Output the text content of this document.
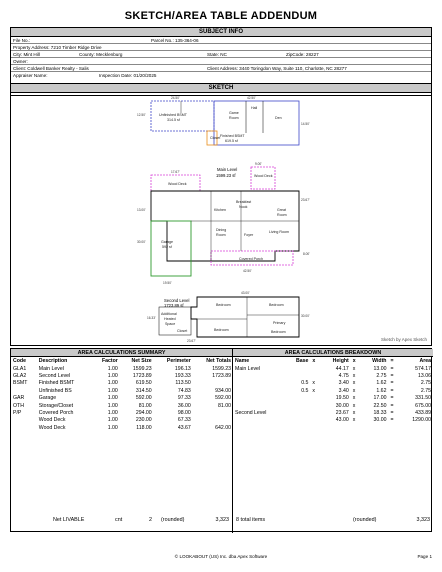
SKETCH/AREA TABLE ADDENDUM
SUBJECT INFO
File No.:	Parcel No.: 135-364-06
Property Address: 7210 Timber Ridge Drive
City: Mint Hill	County: Mecklenburg	State: NC	ZipCode: 28227
Owner:
Client: Coldwell Banker Realty - Salis	Client Address: 3440 Toringdon Way, Suite 110, Charlotte, NC 28277
Appraiser Name:	Inspection Date: 01/20/2025
SKETCH
Unfinished BSMT
314.5 sf
Game
Room
Hall
Den
Finished BSMT
619.5 sf
Closet
24.50'	42.50'
12.50'
14.50'
Wood Deck
Wood Deck
Main Level
1599.23 sf
Kitchen
Breakfast
Nook
Great
Room
Dining
Room	Foyer
Living Room
Garage
592 sf
Covered Porch
17.67'
9.00'
13.00'
23.67'
30.00'
19.50'
8.00'
42.50'
Second Level
1723.89 sf	Bedroom	Bedroom
Bedroom	Bedroom
Primary
Additional
Heated
Space
Closet
43.00'
30.00'
16.33'
23.67'	Sketch by Apex Sketch
AREA CALCULATIONS SUMMARY
Code	Description	Factor	Net Size	Perimeter	Net Totals
GLA1	Main Level	1.00	1599.23	196.13	1599.23
GLA2	Second Level	1.00	1723.89	193.33	1723.89
BSMT	Finished BSMT	1.00	619.50	113.50	
	Unfinished BS	1.00	314.50	74.83	934.00
GAR	Garage	1.00	592.00	97.33	592.00
OTH	Storage/Closet	1.00	81.00	36.00	81.00
P/P	Covered Porch	1.00	294.00	98.00	
	Wood Deck	1.00	230.00	67.33	
	Wood Deck	1.00	118.00	43.67	642.00
Net LIVABLE	cnt	2 (rounded)	3,323
AREA CALCULATIONS BREAKDOWN
Name	Base	x	Height	x	Width	=	Area
Main Level			44.17	x	13.00	=	574.17
			4.75	x	2.75	=	13.06
	0.5	x	3.40	x	1.62	=	2.75
	0.5	x	3.40	x	1.62	=	2.75
			19.50	x	17.00	=	331.50
			30.00	x	22.50	=	675.00
Second Level			23.67	x	18.33	=	433.89
			43.00	x	30.00	=	1290.00
8 total items	(rounded)	3,323
© LOOKABOUT (US) Inc. dba Apex Software	Page 1
